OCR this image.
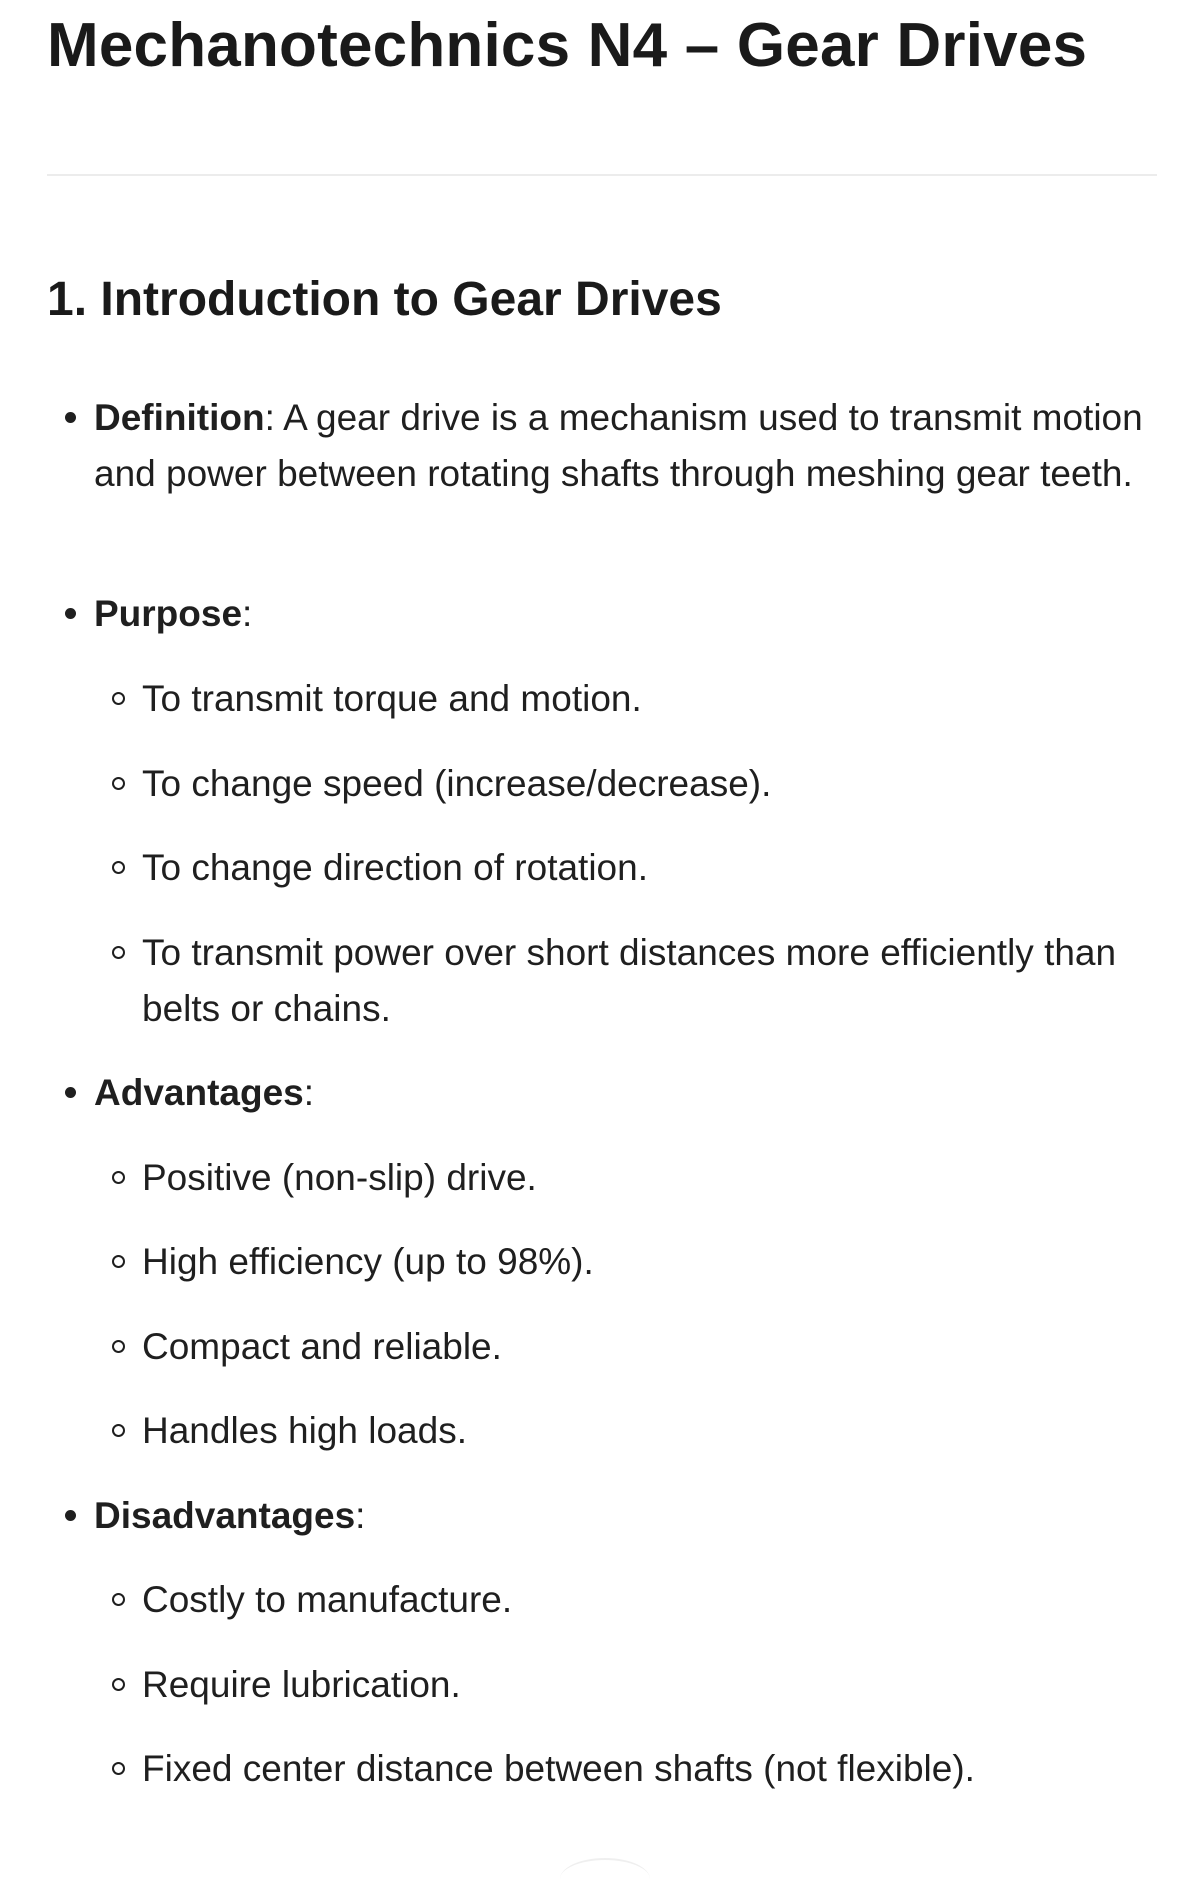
Mechanotechnics N4 – Gear Drives
1. Introduction to Gear Drives
Definition: A gear drive is a mechanism used to transmit motion and power between rotating shafts through meshing gear teeth.
Purpose:
To transmit torque and motion.
To change speed (increase/decrease).
To change direction of rotation.
To transmit power over short distances more efficiently than belts or chains.
Advantages:
Positive (non-slip) drive.
High efficiency (up to 98%).
Compact and reliable.
Handles high loads.
Disadvantages:
Costly to manufacture.
Require lubrication.
Fixed center distance between shafts (not flexible).
